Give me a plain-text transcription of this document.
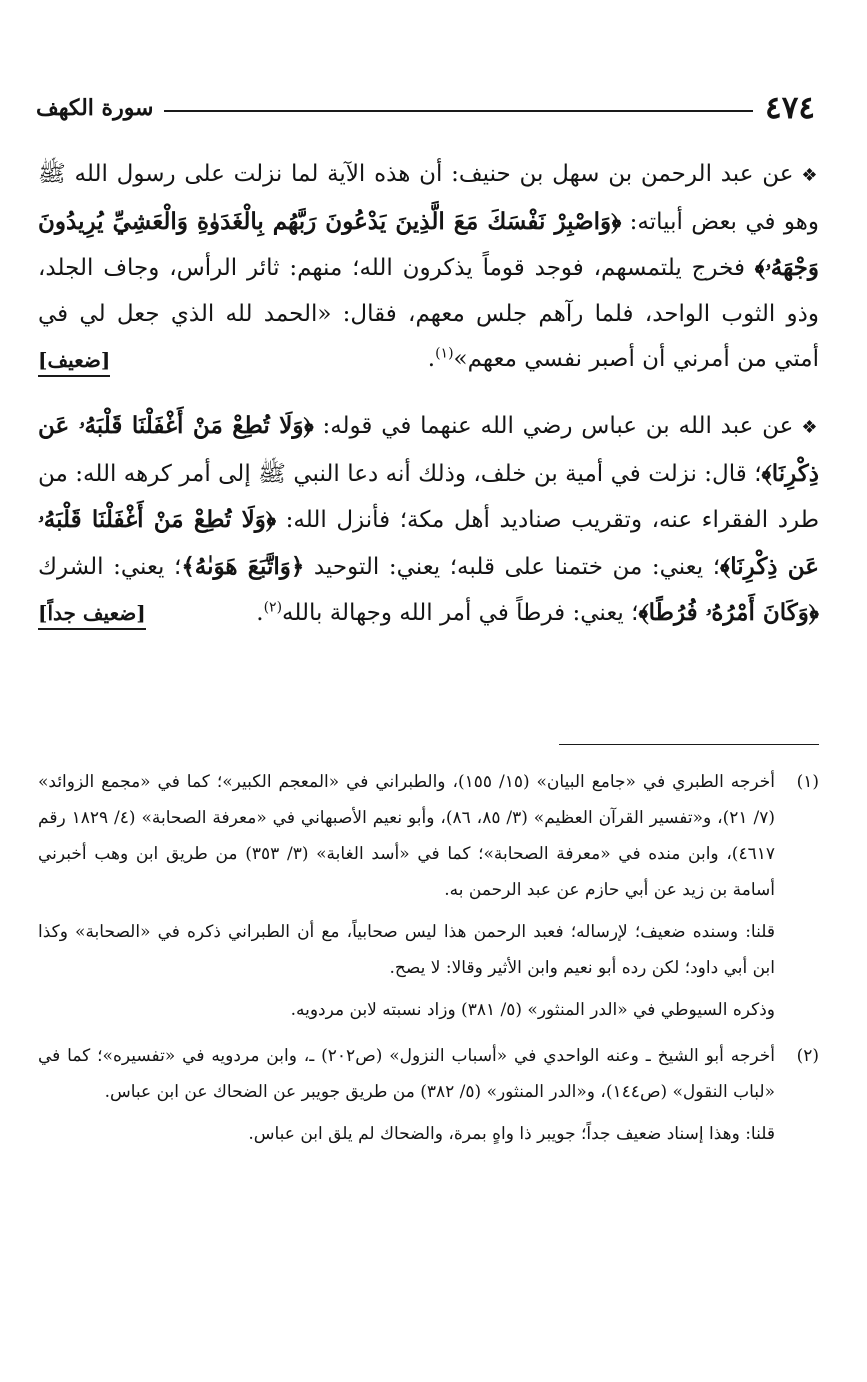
٤٧٤
سورة الكهف

❖عن عبد الرحمن بن سهل بن حنيف: أن هذه الآية لما نزلت على رسول الله ﷺ وهو في بعض أبياته: ﴿وَاصْبِرْ نَفْسَكَ مَعَ الَّذِينَ يَدْعُونَ رَبَّهُم بِالْغَدَوٰةِ وَالْعَشِيِّ يُرِيدُونَ وَجْهَهُۥ﴾ فخرج يلتمسهم، فوجد قوماً يذكرون الله؛ منهم: ثائر الرأس، وجاف الجلد، وذو الثوب الواحد، فلما رآهم جلس معهم، فقال: «الحمد لله الذي جعل لي في أمتي من أمرني أن أصبر نفسي معهم»$^{(١)}$.
[ضعيف]

❖عن عبد الله بن عباس رضي الله عنهما في قوله: ﴿وَلَا تُطِعْ مَنْ أَغْفَلْنَا قَلْبَهُۥ عَن ذِكْرِنَا﴾؛ قال: نزلت في أمية بن خلف، وذلك أنه دعا النبي ﷺ إلى أمر كرهه الله: من طرد الفقراء عنه، وتقريب صناديد أهل مكة؛ فأنزل الله: ﴿وَلَا تُطِعْ مَنْ أَغْفَلْنَا قَلْبَهُۥ عَن ذِكْرِنَا﴾؛ يعني: من ختمنا على قلبه؛ يعني: التوحيد ﴿وَاتَّبَعَ هَوَىٰهُ﴾؛ يعني: الشرك ﴿وَكَانَ أَمْرُهُۥ فُرُطًا﴾؛ يعني: فرطاً في أمر الله وجهالة بالله$^{(٢)}$.
[ضعيف جداً]

(١)

أخرجه الطبري في «جامع البيان» (١٥/ ١٥٥)، والطبراني في «المعجم الكبير»؛ كما في «مجمع الزوائد» (٧/ ٢١)، و«تفسير القرآن العظيم» (٣/ ٨٥، ٨٦)، وأبو نعيم الأصبهاني في «معرفة الصحابة» (٤/ ١٨٢٩ رقم ٤٦١٧)، وابن منده في «معرفة الصحابة»؛ كما في «أسد الغابة» (٣/ ٣٥٣) من طريق ابن وهب أخبرني أسامة بن زيد عن أبي حازم عن عبد الرحمن به.

قلنا: وسنده ضعيف؛ لإرساله؛ فعبد الرحمن هذا ليس صحابياً، مع أن الطبراني ذكره في «الصحابة» وكذا ابن أبي داود؛ لكن رده أبو نعيم وابن الأثير وقالا: لا يصح.

وذكره السيوطي في «الدر المنثور» (٥/ ٣٨١) وزاد نسبته لابن مردويه.

(٢)

أخرجه أبو الشيخ ـ وعنه الواحدي في «أسباب النزول» (ص٢٠٢) ـ، وابن مردويه في «تفسيره»؛ كما في «لباب النقول» (ص١٤٤)، و«الدر المنثور» (٥/ ٣٨٢) من طريق جويبر عن الضحاك عن ابن عباس.

قلنا: وهذا إسناد ضعيف جداً؛ جويبر ذا واهٍ بمرة، والضحاك لم يلق ابن عباس.
